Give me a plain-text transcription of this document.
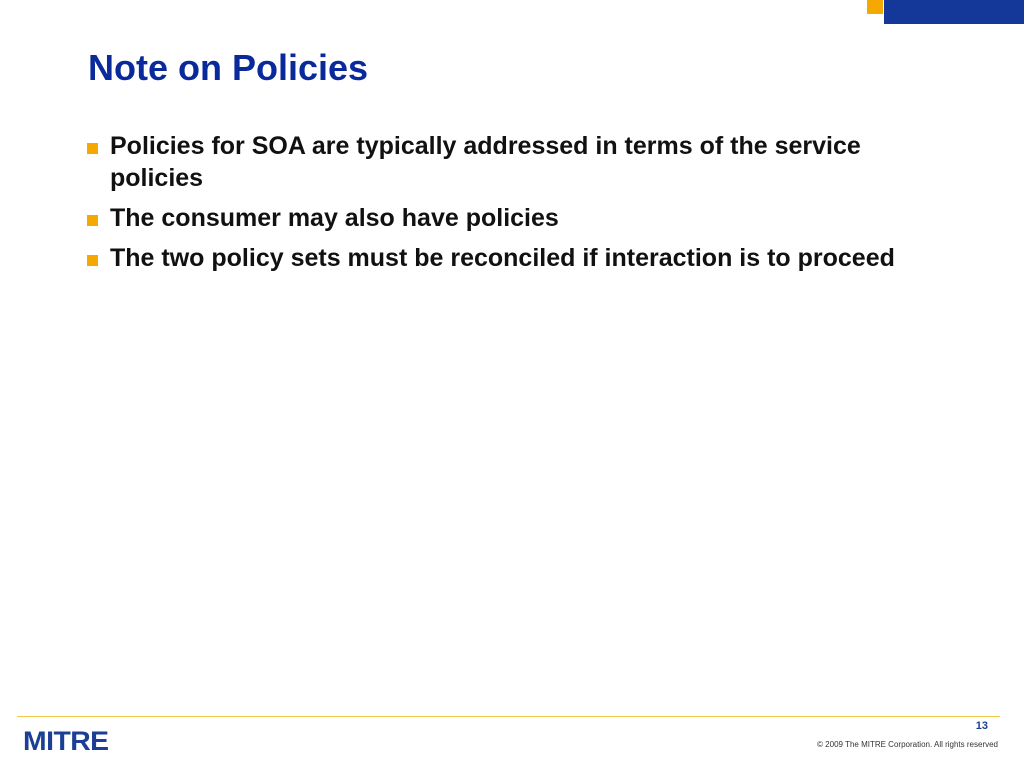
Note on Policies
Policies for SOA are typically addressed in terms of the service policies
The consumer may also have policies
The two policy sets must be reconciled if interaction is to proceed
MITRE	13
© 2009 The MITRE Corporation. All rights reserved
